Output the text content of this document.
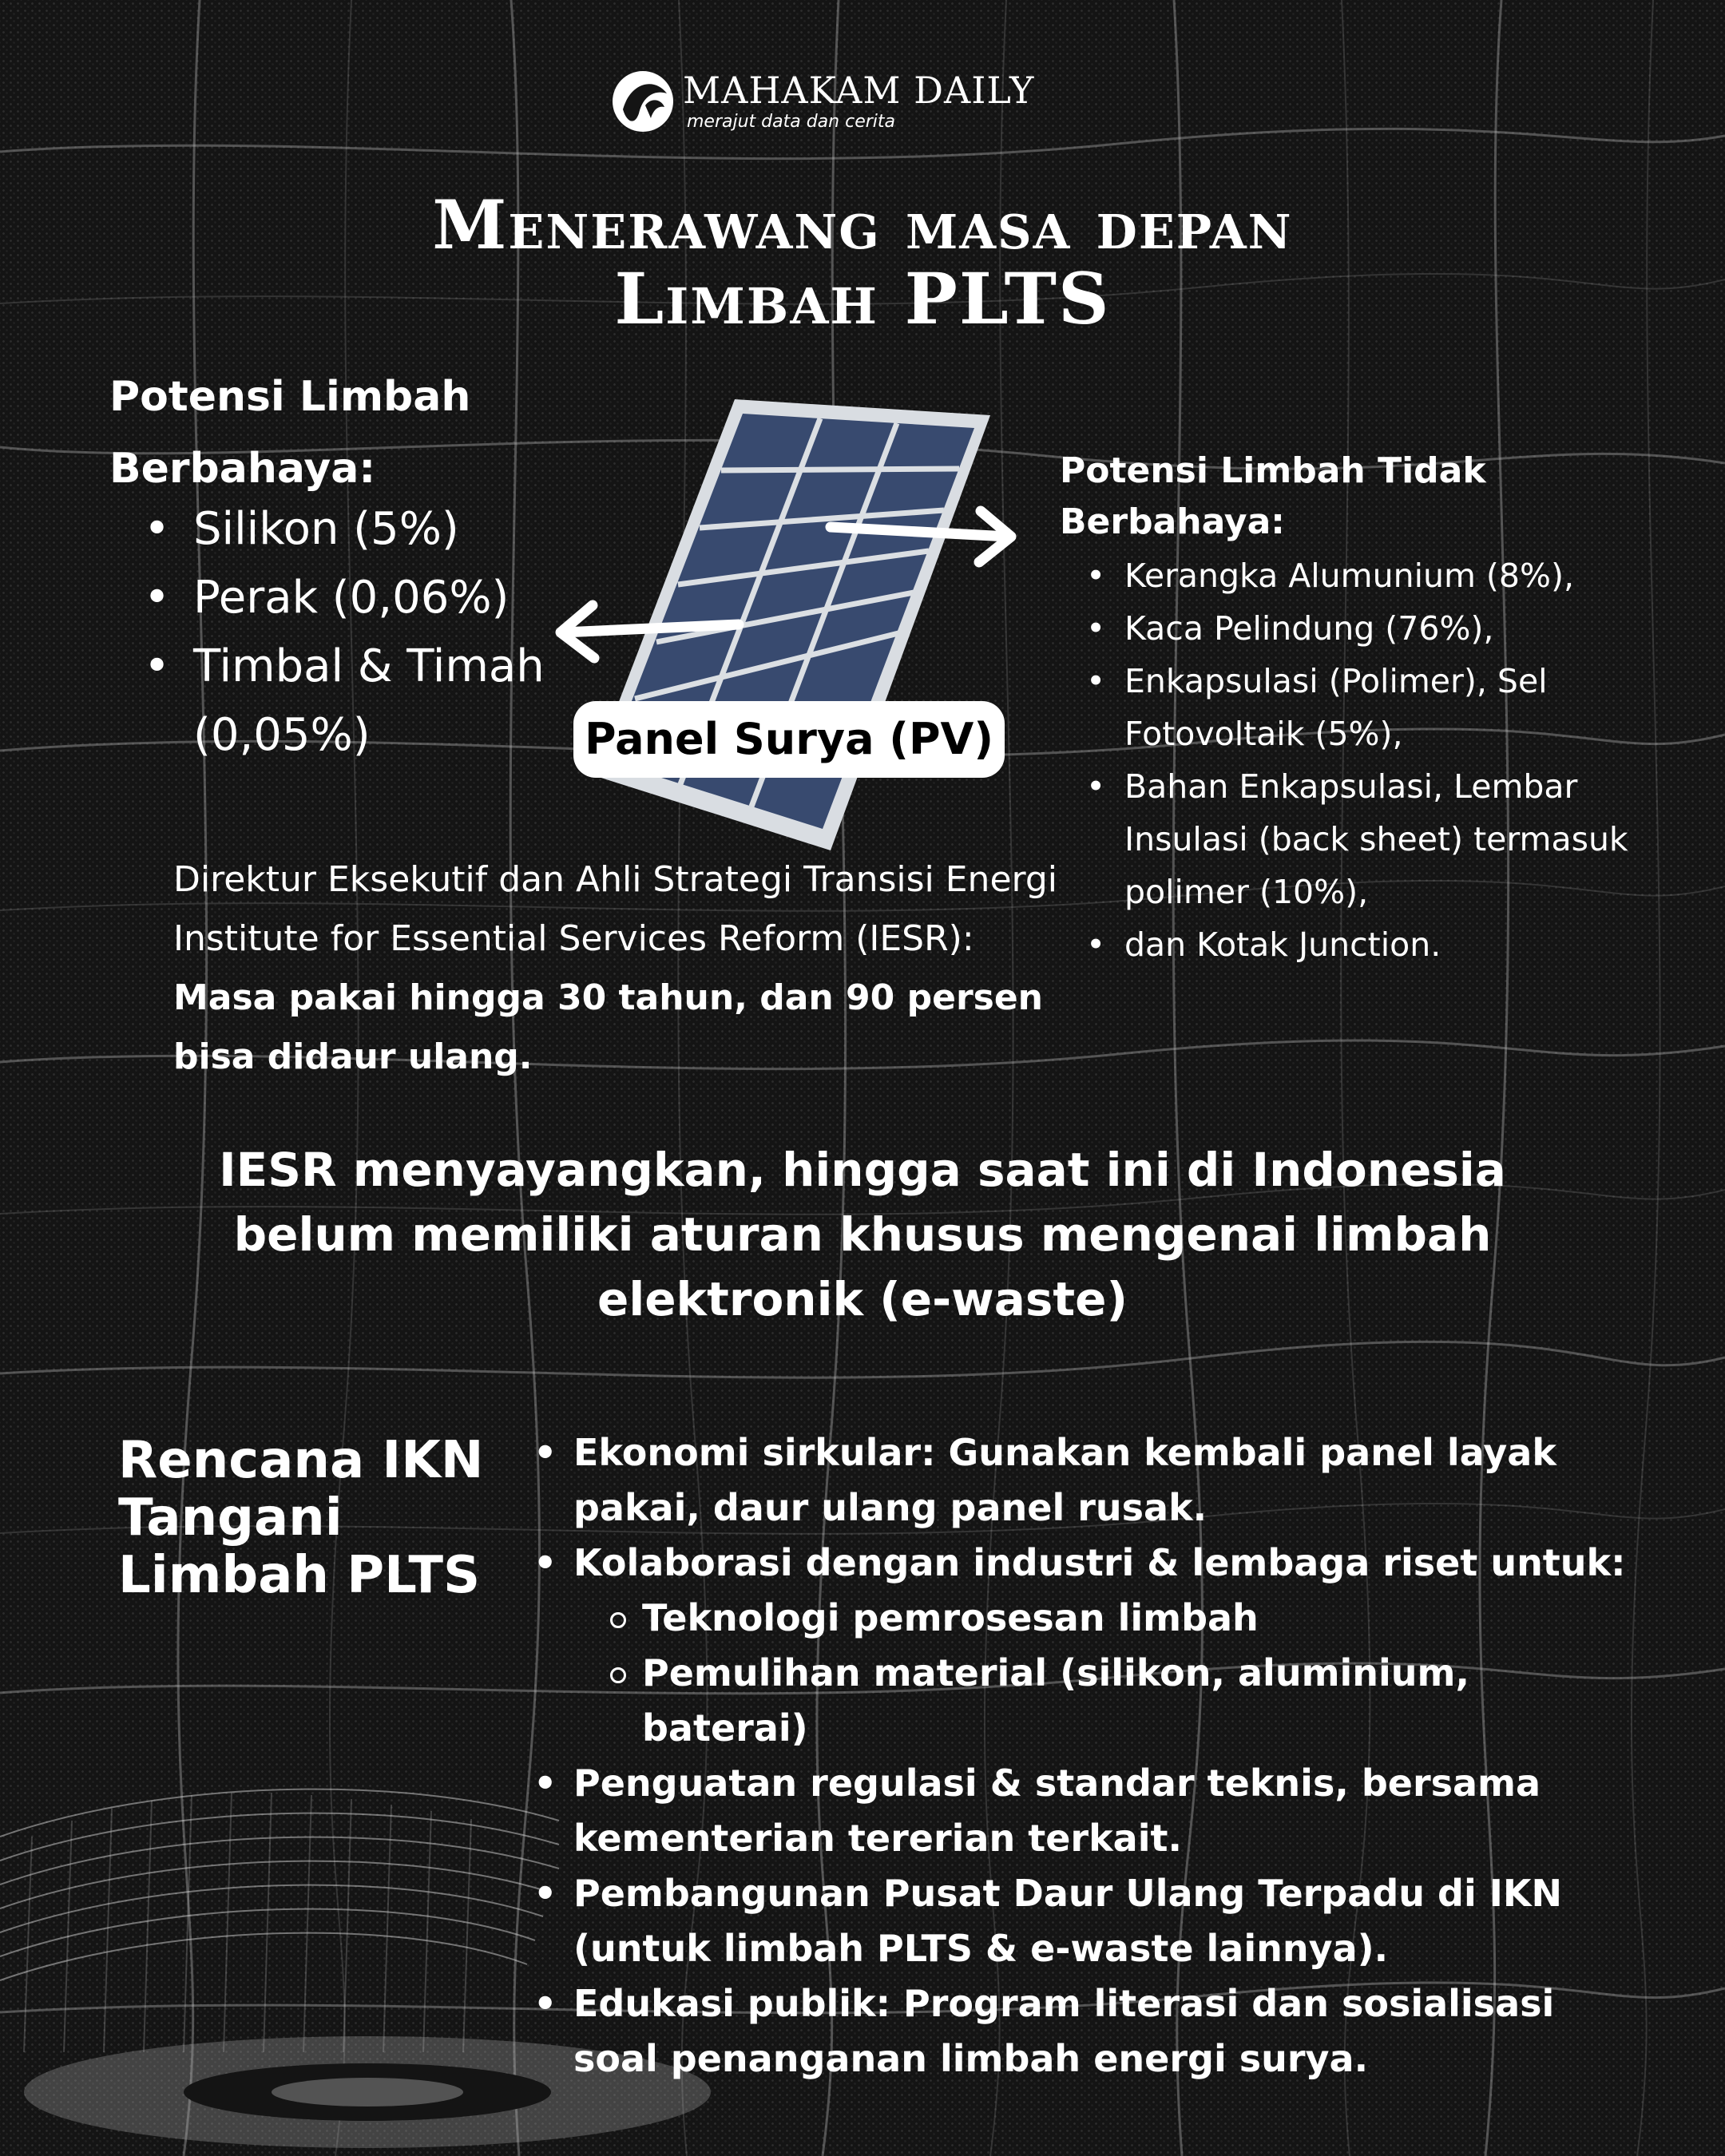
MAHAKAM DAILY
merajut data dan cerita
Menerawang masa depan
Limbah PLTS
Potensi Limbah
Berbahaya:
• Silikon (5%)
• Perak (0,06%)
• Timbal & Timah (0,05%)	Panel Surya (PV)
Potensi Limbah Tidak
Berbahaya:
• Kerangka Alumunium (8%),
• Kaca Pelindung (76%),
• Enkapsulasi (Polimer), Sel Fotovoltaik (5%),
• Bahan Enkapsulasi, Lembar Insulasi (back sheet) termasuk polimer (10%),
• dan Kotak Junction.
Direktur Eksekutif dan Ahli Strategi Transisi Energi Institute for Essential Services Reform (IESR): Masa pakai hingga 30 tahun, dan 90 persen bisa didaur ulang.
IESR menyayangkan, hingga saat ini di Indonesia belum memiliki aturan khusus mengenai limbah elektronik (e-waste)
Rencana IKN
Tangani
Limbah PLTS
• Ekonomi sirkular: Gunakan kembali panel layak pakai, daur ulang panel rusak.
• Kolaborasi dengan industri & lembaga riset untuk:
Teknologi pemrosesan limbah
Pemulihan material (silikon, aluminium, baterai)
• Penguatan regulasi & standar teknis, bersama kementerian tererian terkait.
• Pembangunan Pusat Daur Ulang Terpadu di IKN (untuk limbah PLTS & e-waste lainnya).
• Edukasi publik: Program literasi dan sosialisasi soal penanganan limbah energi surya.
